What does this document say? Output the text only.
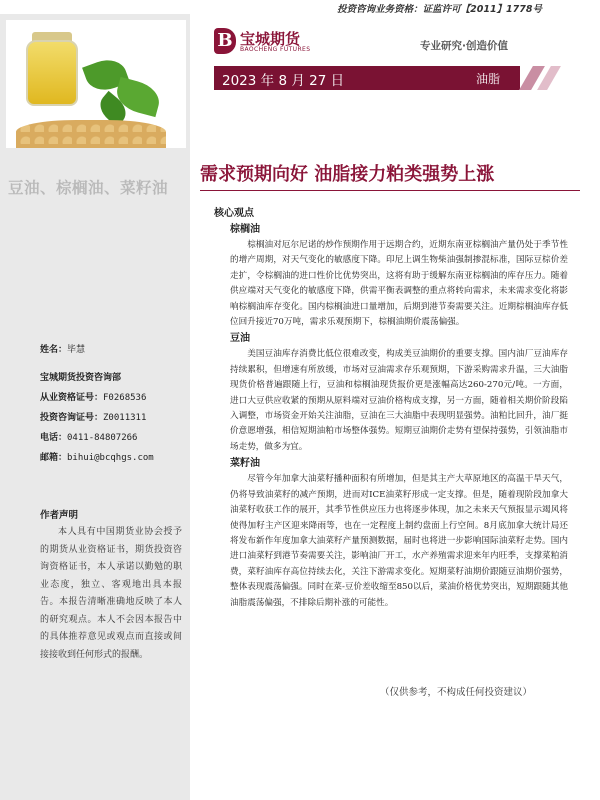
投资咨询业务资格：证监许可【2011】1778号
豆油、棕榈油、菜籽油
姓名：毕慧
宝城期货投资咨询部
从业资格证号：F0268536
投资咨询证号：Z0011311
电话：0411-84807266
邮箱：bihui@bcqhgs.com
作者声明

本人具有中国期货业协会授予的期货从业资格证书，期货投资咨询资格证书，本人承诺以勤勉的职业态度，独立、客观地出具本报告。本报告清晰准确地反映了本人的研究观点。本人不会因本报告中的具体推荐意见或观点而直接或间接接收到任何形式的报酬。

B 宝城期货
BAOCHENG FUTURES	专业研究·创造价值
2023 年 8 月 27 日	油脂
需求预期向好 油脂接力粕类强势上涨
核心观点
棕榈油

棕榈油对厄尔尼诺的炒作预期作用于远期合约，近期东南亚棕榈油产量仍处于季节性的增产周期，对天气变化的敏感度下降。印尼上调生物柴油强制掺混标准，国际豆棕价差走扩，令棕榈油的进口性价比优势突出，这将有助于缓解东南亚棕榈油的库存压力。随着供应端对天气变化的敏感度下降，供需平衡表调整的重点将转向需求，未来需求变化将影响棕榈油库存变化。国内棕榈油进口量增加，后期到港节奏需要关注。近期棕榈油库存低位回升接近70万吨，需求乐观预期下，棕榈油期价震荡偏强。

豆油

美国豆油库存消费比低位很难改变，构成美豆油期价的重要支撑。国内油厂豆油库存持续累积，但增速有所放缓，市场对豆油需求存乐观预期，下游采购需求升温，三大油脂现货价格普遍跟随上行，豆油和棕榈油现货报价更是涨幅高达260-270元/吨。一方面，进口大豆供应收紧的预期从原料端对豆油价格构成支撑，另一方面，随着相关期价阶段陷入调整，市场资金开始关注油脂，豆油在三大油脂中表现明显强势。油粕比回升，油厂挺价意愿增强，相信短期油粕市场整体强势。短期豆油期价走势有望保持强势，引领油脂市场走势，做多为宜。

菜籽油

尽管今年加拿大油菜籽播种面积有所增加，但是其主产大草原地区的高温干旱天气，仍将导致油菜籽的减产预期，进而对ICE油菜籽形成一定支撑。但是，随着现阶段加拿大油菜籽收获工作的展开，其季节性供应压力也将逐步体现，加之未来天气预报显示竭风将使得加籽主产区迎来降雨等，也在一定程度上制约盘面上行空间。8月底加拿大统计局还将发布新作年度加拿大油菜籽产量预测数据，届时也将进一步影响国际油菜籽走势。国内进口油菜籽到港节奏需要关注，影响油厂开工，水产养殖需求迎来年内旺季，支撑菜粕消费，菜籽油库存高位持续去化，关注下游需求变化。短期菜籽油期价跟随豆油期价强势，整体表现震荡偏强。同时在菜-豆价差收缩至850以后，菜油价格优势突出，短期跟随其他油脂震荡偏强，不排除后期补涨的可能性。

（仅供参考，不构成任何投资建议）
